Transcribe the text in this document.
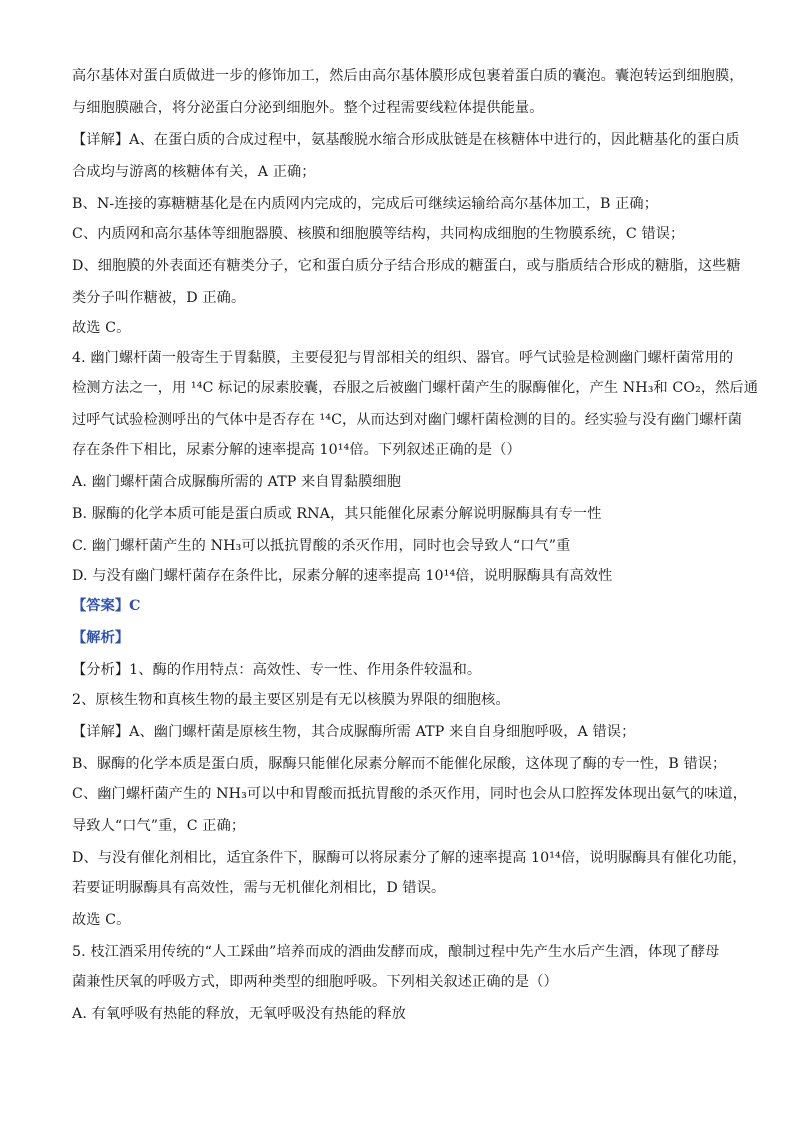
高尔基体对蛋白质做进一步的修饰加工，然后由高尔基体膜形成包裹着蛋白质的囊泡。囊泡转运到细胞膜，
与细胞膜融合，将分泌蛋白分泌到细胞外。整个过程需要线粒体提供能量。
【详解】A、在蛋白质的合成过程中，氨基酸脱水缩合形成肽链是在核糖体中进行的，因此糖基化的蛋白质
合成均与游离的核糖体有关，A 正确；
B、N-连接的寡糖糖基化是在内质网内完成的，完成后可继续运输给高尔基体加工，B 正确；
C、内质网和高尔基体等细胞器膜、核膜和细胞膜等结构，共同构成细胞的生物膜系统，C 错误；
D、细胞膜的外表面还有糖类分子，它和蛋白质分子结合形成的糖蛋白，或与脂质结合形成的糖脂，这些糖
类分子叫作糖被，D 正确。
故选 C。
4. 幽门螺杆菌一般寄生于胃黏膜，主要侵犯与胃部相关的组织、器官。呼气试验是检测幽门螺杆菌常用的
检测方法之一，用 ¹⁴C 标记的尿素胶囊，吞服之后被幽门螺杆菌产生的脲酶催化，产生 NH₃和 CO₂，然后通
过呼气试验检测呼出的气体中是否存在 ¹⁴C，从而达到对幽门螺杆菌检测的目的。经实验与没有幽门螺杆菌
存在条件下相比，尿素分解的速率提高 10¹⁴倍。下列叙述正确的是（）
A. 幽门螺杆菌合成脲酶所需的 ATP 来自胃黏膜细胞
B. 脲酶的化学本质可能是蛋白质或 RNA，其只能催化尿素分解说明脲酶具有专一性
C. 幽门螺杆菌产生的 NH₃可以抵抗胃酸的杀灭作用，同时也会导致人“口气”重
D. 与没有幽门螺杆菌存在条件比，尿素分解的速率提高 10¹⁴倍，说明脲酶具有高效性
【答案】C
【解析】
【分析】1、酶的作用特点：高效性、专一性、作用条件较温和。
2、原核生物和真核生物的最主要区别是有无以核膜为界限的细胞核。
【详解】A、幽门螺杆菌是原核生物，其合成脲酶所需 ATP 来自自身细胞呼吸，A 错误；
B、脲酶的化学本质是蛋白质，脲酶只能催化尿素分解而不能催化尿酸，这体现了酶的专一性，B 错误；
C、幽门螺杆菌产生的 NH₃可以中和胃酸而抵抗胃酸的杀灭作用，同时也会从口腔挥发体现出氨气的味道，
导致人“口气”重，C 正确；
D、与没有催化剂相比，适宜条件下，脲酶可以将尿素分了解的速率提高 10¹⁴倍，说明脲酶具有催化功能，
若要证明脲酶具有高效性，需与无机催化剂相比，D 错误。
故选 C。
5. 枝江酒采用传统的“人工踩曲”培养而成的酒曲发酵而成，酿制过程中先产生水后产生酒，体现了酵母
菌兼性厌氧的呼吸方式，即两种类型的细胞呼吸。下列相关叙述正确的是（）
A. 有氧呼吸有热能的释放，无氧呼吸没有热能的释放
